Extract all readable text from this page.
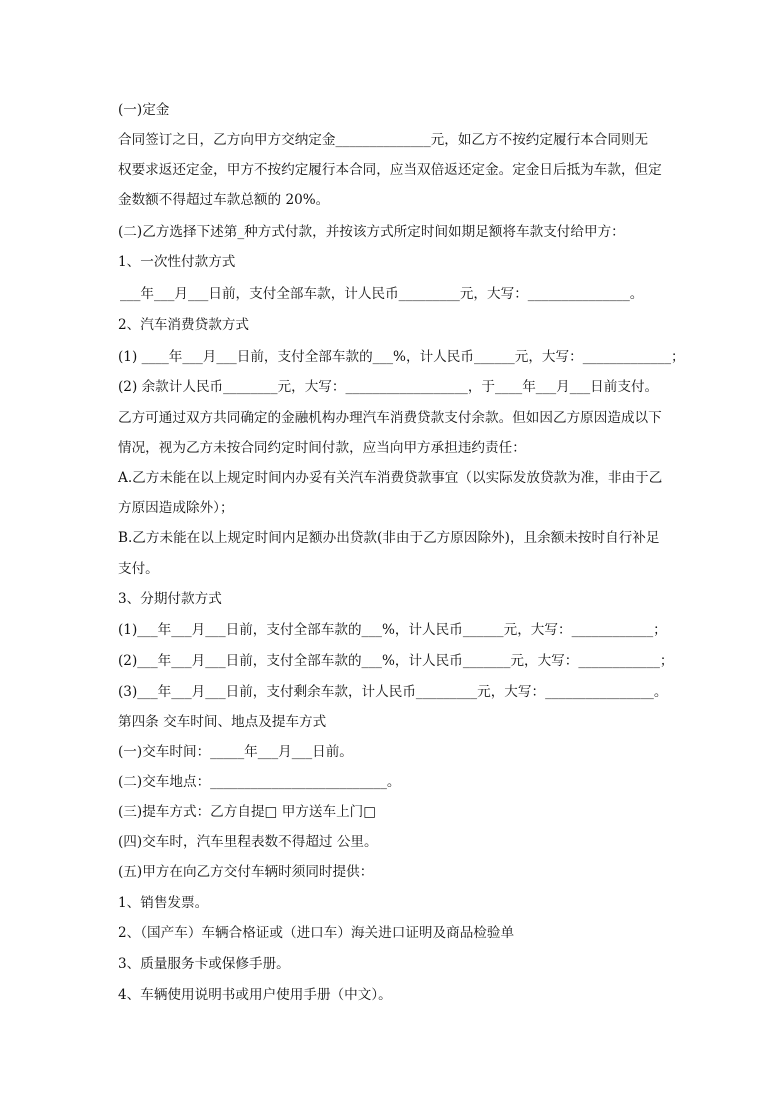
(一)定金
合同签订之日，乙方向甲方交纳定金______________元，如乙方不按约定履行本合同则无
权要求返还定金，甲方不按约定履行本合同，应当双倍返还定金。定金日后抵为车款，但定
金数额不得超过车款总额的 20%。
(二)乙方选择下述第_种方式付款，并按该方式所定时间如期足额将车款支付给甲方：
1、一次性付款方式
___年___月___日前，支付全部车款，计人民币_________元，大写：_______________。
2、汽车消费贷款方式
(1) ____年___月___日前，支付全部车款的___%，计人民币______元，大写：_____________；
(2) 余款计人民币________元，大写：__________________，于____年___月___日前支付。
乙方可通过双方共同确定的金融机构办理汽车消费贷款支付余款。但如因乙方原因造成以下
情况，视为乙方未按合同约定时间付款，应当向甲方承担违约责任：
A.乙方未能在以上规定时间内办妥有关汽车消费贷款事宜（以实际发放贷款为准，非由于乙
方原因造成除外）；
B.乙方未能在以上规定时间内足额办出贷款(非由于乙方原因除外)，且余额未按时自行补足
支付。
3、分期付款方式
(1)___年___月___日前，支付全部车款的___%，计人民币______元，大写：____________；
(2)___年___月___日前，支付全部车款的___%，计人民币_______元，大写：____________；
(3)___年___月___日前，支付剩余车款，计人民币_________元，大写：________________。
第四条 交车时间、地点及提车方式
(一)交车时间：_____年___月___日前。
(二)交车地点：__________________________。
(三)提车方式：乙方自提□ 甲方送车上门□
(四)交车时，汽车里程表数不得超过 公里。
(五)甲方在向乙方交付车辆时须同时提供：
1、销售发票。
2、（国产车）车辆合格证或（进口车）海关进口证明及商品检验单
3、质量服务卡或保修手册。
4、车辆使用说明书或用户使用手册（中文）。
